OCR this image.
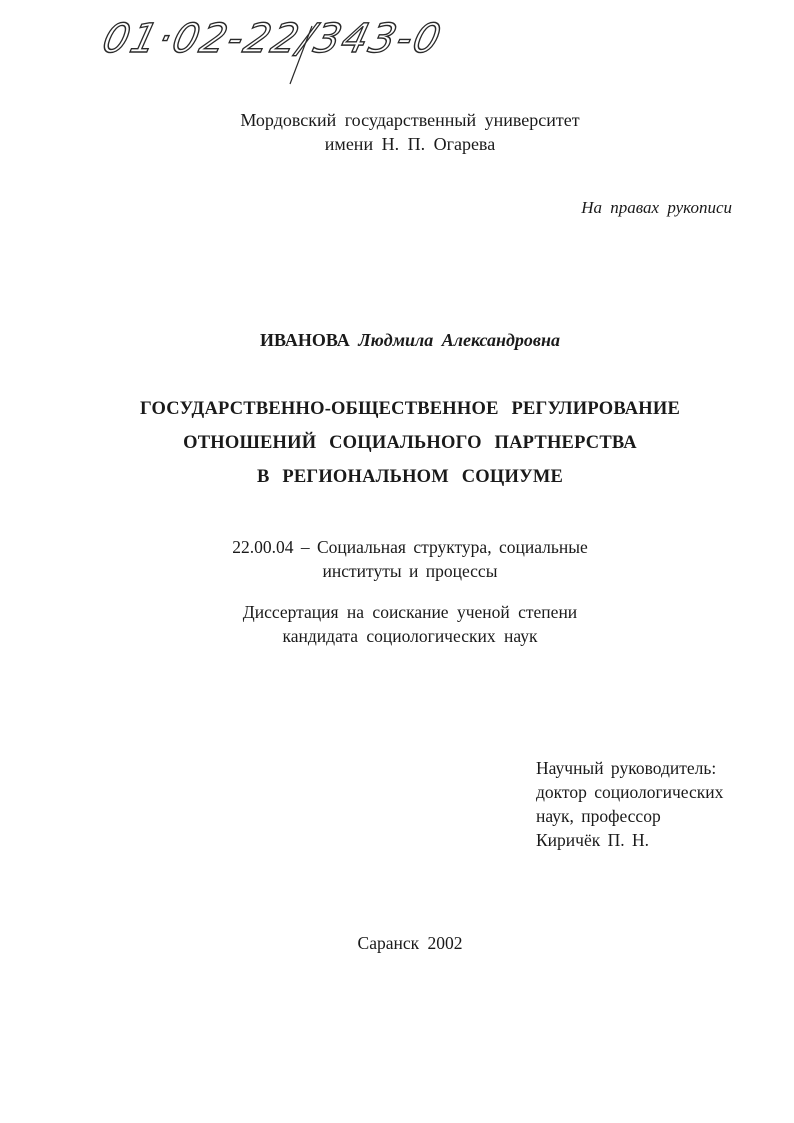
01·02-22/343-0
Мордовский государственный университет
имени Н. П. Огарева
На правах рукописи
ИВАНОВА Людмила Александровна
ГОСУДАРСТВЕННО-ОБЩЕСТВЕННОЕ РЕГУЛИРОВАНИЕ
ОТНОШЕНИЙ СОЦИАЛЬНОГО ПАРТНЕРСТВА
В РЕГИОНАЛЬНОМ СОЦИУМЕ
22.00.04 – Социальная структура, социальные
институты и процессы
Диссертация на соискание ученой степени
кандидата социологических наук
Научный руководитель:
доктор социологических
наук, профессор
Киричёк П. Н.
Саранск 2002
